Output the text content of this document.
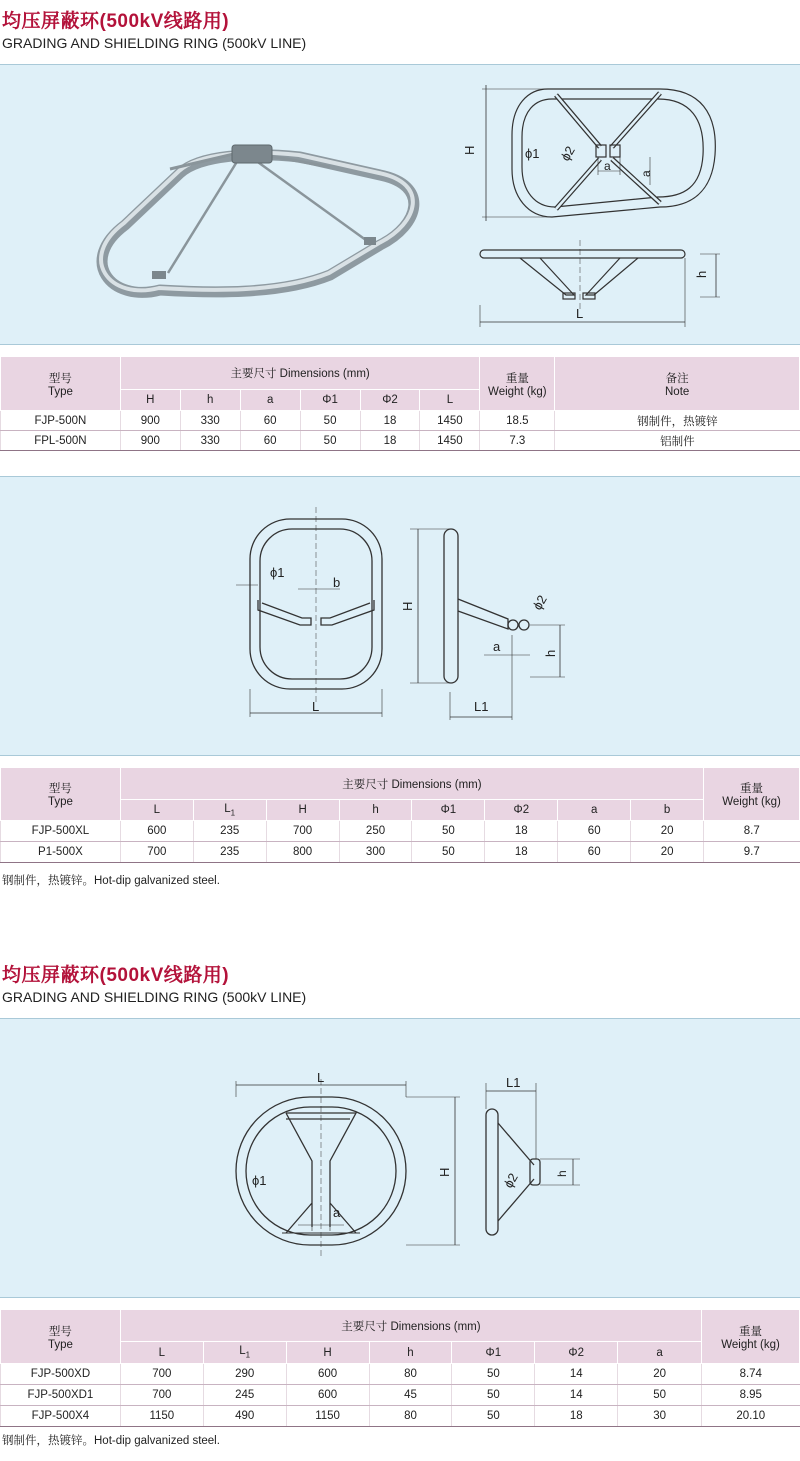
均压屏蔽环(500kV线路用)
GRADING AND SHIELDING RING (500kV LINE)
H	ϕ1 ϕ2
a
a
h
L
型号
Type	主要尺寸 Dimensions (mm)						重量
Weight (kg)	备注
Note
	H	h	a	Φ1	Φ2	L		
FJP-500N	900	330	60	50	18	1450	18.5	钢制件，热镀锌
FPL-500N	900	330	60	50	18	1450	7.3	铝制件
ϕ1
b
L
H	ϕ2
a	h
L1
型号
Type	主要尺寸 Dimensions (mm)								重量
Weight (kg)
	L	$L_1$	H	h	Φ1	Φ2	a	b	
FJP-500XL	600	235	700	250	50	18	60	20	8.7
P1-500X	700	235	800	300	50	18	60	20	9.7
钢制件，热镀锌。Hot-dip galvanized steel.
均压屏蔽环(500kV线路用)
GRADING AND SHIELDING RING (500kV LINE)
L	L1
H	h
ϕ1	ϕ2
a
型号
Type	主要尺寸 Dimensions (mm)							重量
Weight (kg)
	L	$L_1$	H	h	Φ1	Φ2	a	
FJP-500XD	700	290	600	80	50	14	20	8.74
FJP-500XD1	700	245	600	45	50	14	50	8.95
FJP-500X4	1150	490	1150	80	50	18	30	20.10
钢制件，热镀锌。Hot-dip galvanized steel.
